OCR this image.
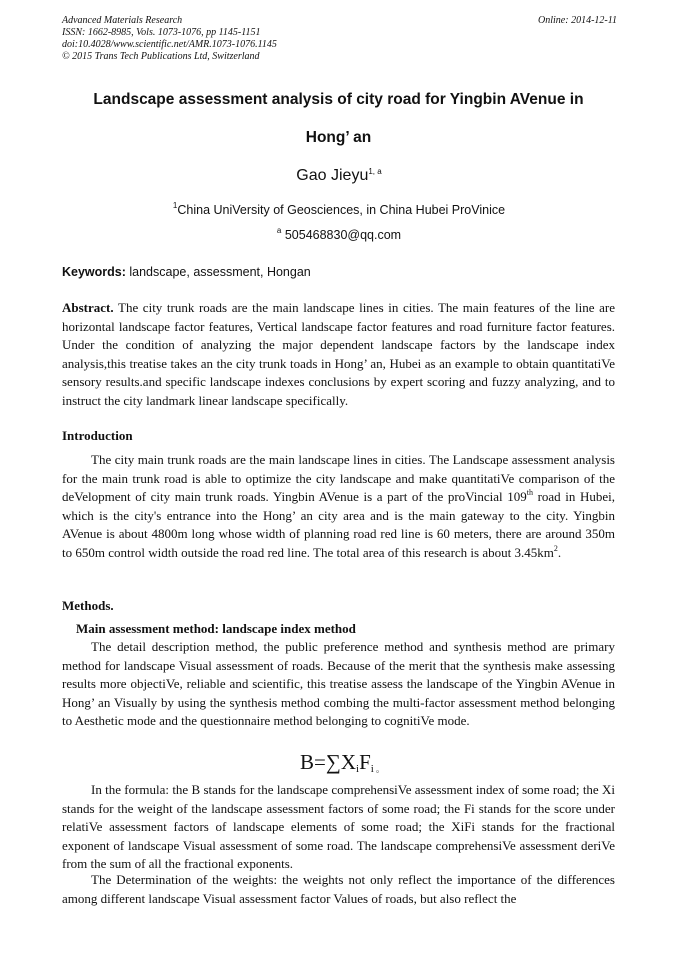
Advanced Materials Research
ISSN: 1662-8985, Vols. 1073-1076, pp 1145-1151
doi:10.4028/www.scientific.net/AMR.1073-1076.1145
© 2015 Trans Tech Publications Ltd, Switzerland
Online: 2014-12-11
Landscape assessment analysis of city road for Yingbin AVenue in
Hong’ an
Gao Jieyu$^{1, a}$
$^1$China UniVersity of Geosciences, in China Hubei ProVinice
$^a$ 505468830@qq.com
Keywords: landscape, assessment, Hongan
Abstract. The city trunk roads are the main landscape lines in cities. The main features of the line are horizontal landscape factor features, Vertical landscape factor features and road furniture factor features. Under the condition of analyzing the major dependent landscape factors by the landscape index analysis,this treatise takes an the city trunk toads in Hong’ an, Hubei as an example to obtain quantitatiVe sensory results.and specific landscape indexes conclusions by expert scoring and fuzzy analyzing, and to instruct the city landmark linear landscape specifically.
Introduction
The city main trunk roads are the main landscape lines in cities. The Landscape assessment analysis for the main trunk road is able to optimize the city landscape and make quantitatiVe comparison of the deVelopment of city main trunk roads. Yingbin AVenue is a part of the proVincial 109th road in Hubei, which is the city's entrance into the Hong’ an city area and is the main gateway to the city. Yingbin AVenue is about 4800m long whose width of planning road red line is 60 meters, there are around 350m to 650m control width outside the road red line. The total area of this research is about $3.45km^2$.
Methods.
Main assessment method: landscape index method
The detail description method, the public preference method and synthesis method are primary method for landscape Visual assessment of roads. Because of the merit that the synthesis make assessing results more objectiVe, reliable and scientific, this treatise assess the landscape of the Yingbin AVenue in Hong’ an Visually by using the synthesis method combing the multi-factor assessment method belonging to Aesthetic mode and the questionnaire method belonging to cognitiVe mode.
$B=\sum X_iF_i$ 。
In the formula: the B stands for the landscape comprehensiVe assessment index of some road; the Xi stands for the weight of the landscape assessment factors of some road; the Fi stands for the score under relatiVe assessment factors of landscape elements of some road; the XiFi stands for the fractional exponent of landscape Visual assessment of some road. The landscape comprehensiVe assessment deriVe from the sum of all the fractional exponents.
The Determination of the weights: the weights not only reflect the importance of the differences among different landscape Visual assessment factor Values of roads, but also reflect the
